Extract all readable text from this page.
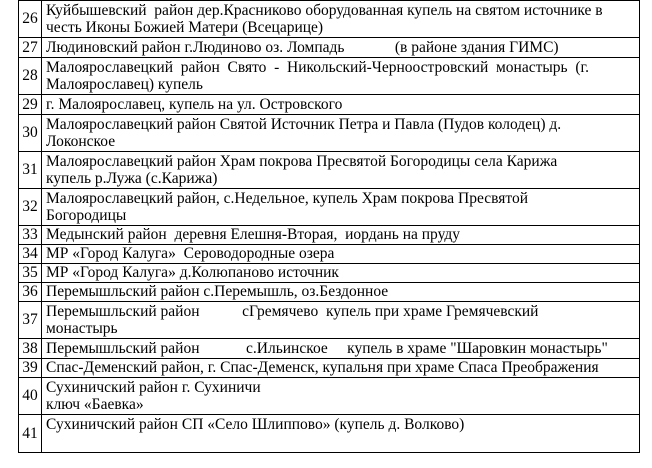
26	Куйбышевский  район дер.Красниково оборудованная купель на святом источнике в
честь Иконы Божией Матери (Всецарице)

27	Людиновский район г.Людиново оз. Ломпадь             (в районе здания ГИМС)

28	Малоярославецкий  район  Свято  -  Никольский-Черноостровский  монастырь  (г.
Малоярославец) купель

29	г. Малоярославец, купель на ул. Островского

30	Малоярославецкий район Святой Источник Петра и Павла (Пудов колодец) д.
Локонское

31	Малоярославецкий район Храм покрова Пресвятой Богородицы села Карижа
купель р.Лужа (с.Карижа)

32	Малоярославецкий район, с.Недельное, купель Храм покрова Пресвятой
Богородицы

33	Медынский район  деревня Елешня-Вторая,  иордань на пруду

34	МР «Город Калуга»  Сероводородные озера

35	МР «Город Калуга» д.Колюпаново источник

36	Перемышльский район с.Перемышль, оз.Бездонное

37	Перемышльский район           сГремячево  купель при храме Гремячевский
монастырь

38	Перемышльский район            с.Ильинское     купель в храме "Шаровкин монастырь"

39	Спас-Деменский район, г. Спас-Деменск, купальня при храме Спаса Преображения

40	Сухиничский район г. Сухиничи
ключ «Баевка»

41	Сухиничский район СП «Село Шлиппово» (купель д. Волково)
